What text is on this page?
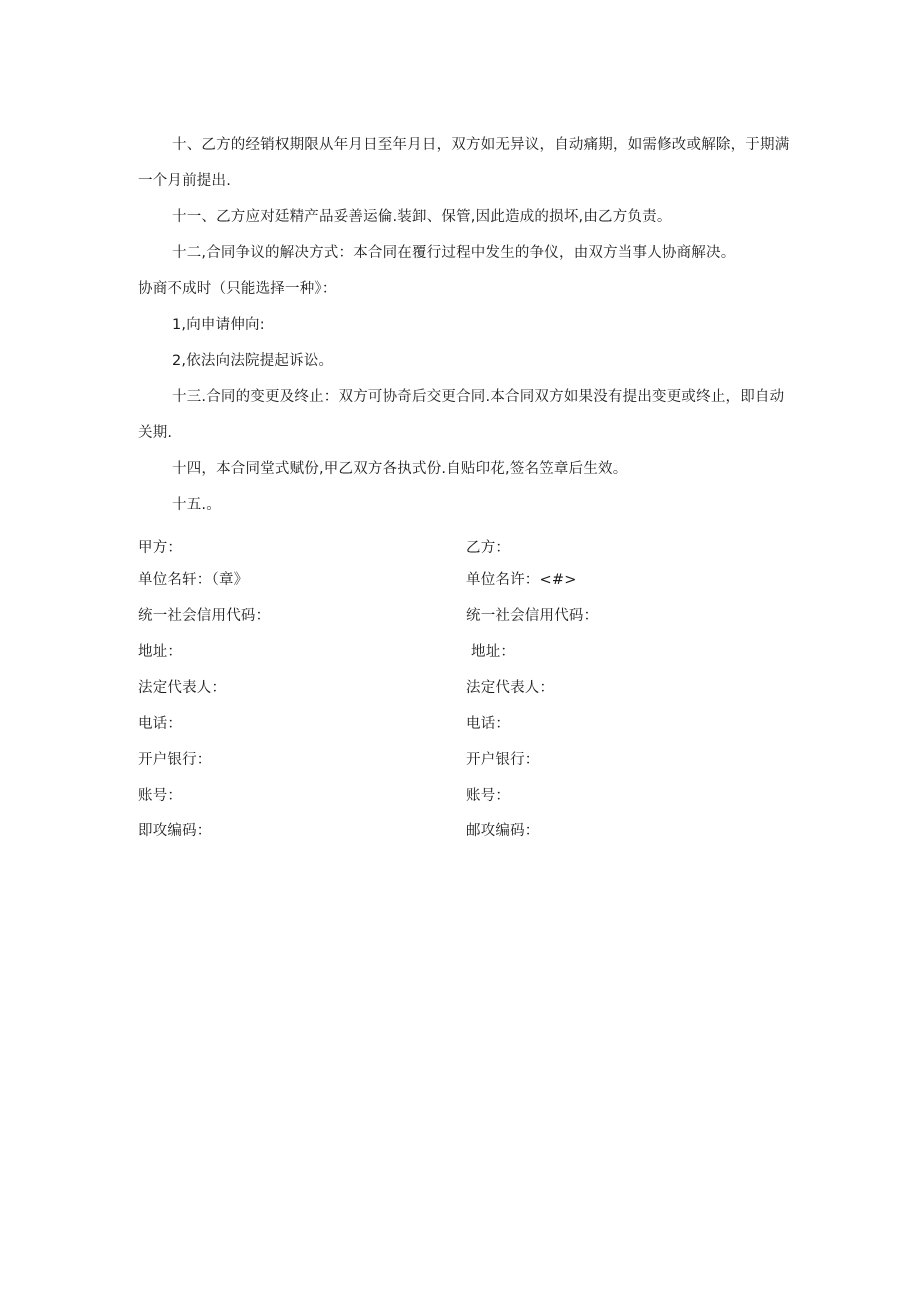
十、乙方的经销权期限从年月日至年月日，双方如无异议，自动痛期，如需修改或解除，于期满
一个月前提出.
十一、乙方应对廷精产品妥善运倫.装卸、保管,因此造成的损坏,由乙方负责。
十二,合同争议的解决方式：本合同在覆行过程中发生的争仪，由双方当事人协商解决。
协商不成时（只能选择一种》：
1,向申请伸向:
2,依法向法院提起诉讼。
十三.合同的变更及终止：双方可协奇后交更合同.本合同双方如果没有提出变更或终止，即自动
关期.
十四，本合同堂式赋份,甲乙双方各执式份.自贴印花,签名笠章后生效。
十五.。
甲方：
单位名轩：（章》
统一社会信用代码：
地址：
法定代表人：
电话：
开户银行：
账号：
即攻编码：
乙方：
单位名许：<#>
统一社会信用代码：
地址：
法定代表人：
电话：
开户银行：
账号：
邮攻编码：
